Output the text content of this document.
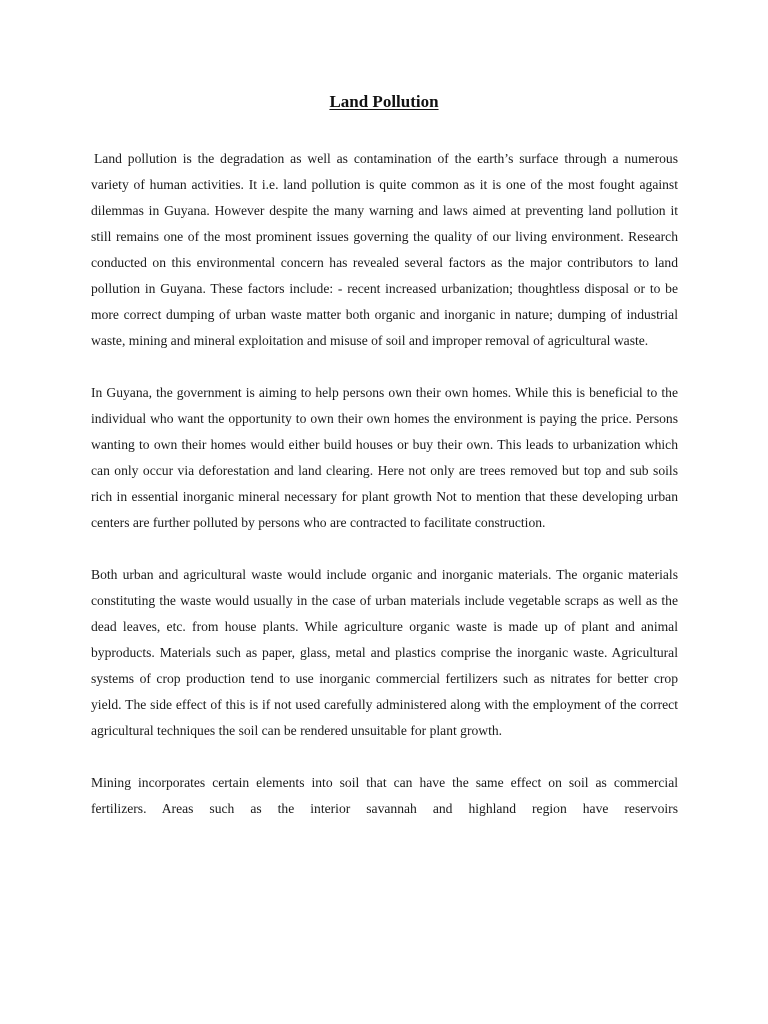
Land Pollution

Land pollution is the degradation as well as contamination of the earth’s surface through a numerous variety of human activities. It i.e. land pollution is quite common as it is one of the most fought against dilemmas in Guyana. However despite the many warning and laws aimed at preventing land pollution it still remains one of the most prominent issues governing the quality of our living environment. Research conducted on this environmental concern has revealed several factors as the major contributors to land pollution in Guyana. These factors include: - recent increased urbanization; thoughtless disposal or to be more correct dumping of urban waste matter both organic and inorganic in nature; dumping of industrial waste, mining and mineral exploitation and misuse of soil and improper removal of agricultural waste.

In Guyana, the government is aiming to help persons own their own homes. While this is beneficial to the individual who want the opportunity to own their own homes the environment is paying the price. Persons wanting to own their homes would either build houses or buy their own. This leads to urbanization which can only occur via deforestation and land clearing. Here not only are trees removed but top and sub soils rich in essential inorganic mineral necessary for plant growth Not to mention that these developing urban centers are further polluted by persons who are contracted to facilitate construction.

Both urban and agricultural waste would include organic and inorganic materials. The organic materials constituting the waste would usually in the case of urban materials include vegetable scraps as well as the dead leaves, etc. from house plants. While agriculture organic waste is made up of plant and animal byproducts. Materials such as paper, glass, metal and plastics comprise the inorganic waste. Agricultural systems of crop production tend to use inorganic commercial fertilizers such as nitrates for better crop yield. The side effect of this is if not used carefully administered along with the employment of the correct agricultural techniques the soil can be rendered unsuitable for plant growth.

Mining incorporates certain elements into soil that can have the same effect on soil as commercial fertilizers. Areas such as the interior savannah and highland region have reservoirs
